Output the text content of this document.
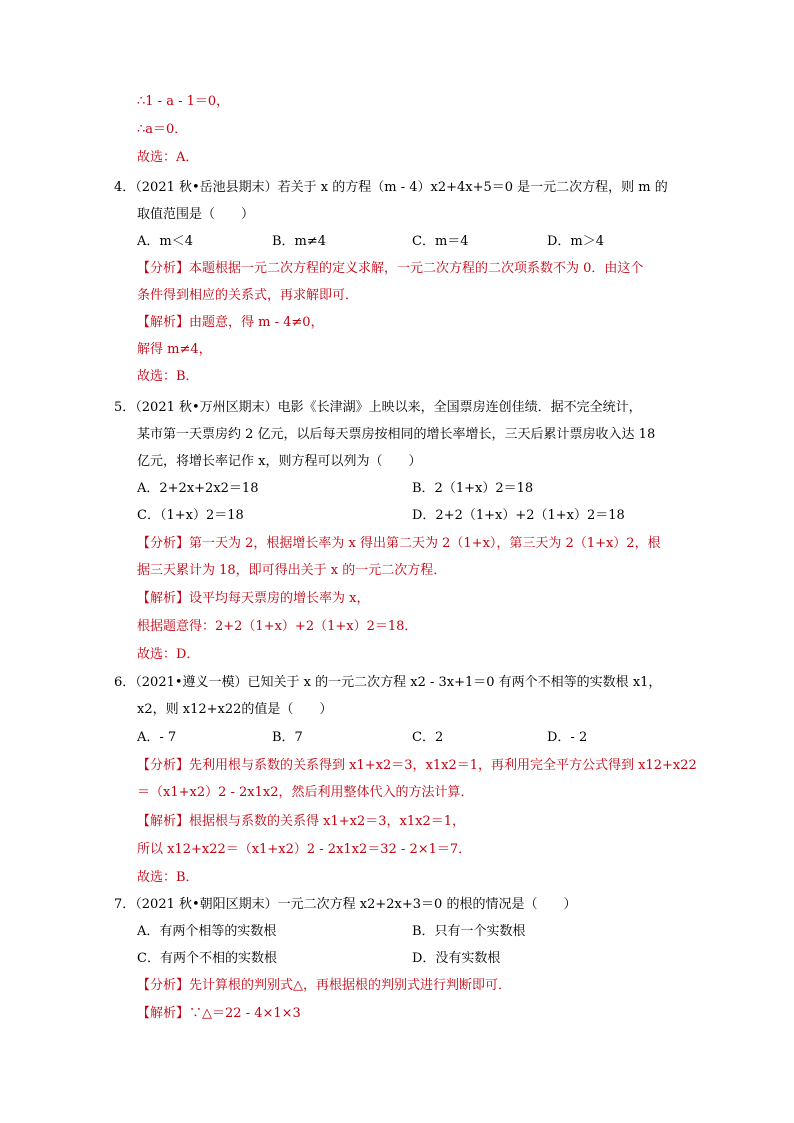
∴1 - a - 1＝0，
∴a＝0．
故选：A．
4．（2021 秋•岳池县期末）若关于 x 的方程（m - 4）x2+4x+5＝0 是一元二次方程，则 m 的
取值范围是（　　）
A．m＜4	B．m≠4	C．m＝4	D．m＞4
【分析】本题根据一元二次方程的定义求解，一元二次方程的二次项系数不为 0．由这个
条件得到相应的关系式，再求解即可．
【解析】由题意，得 m - 4≠0，
解得 m≠4，
故选：B．
5．（2021 秋•万州区期末）电影《长津湖》上映以来，全国票房连创佳绩．据不完全统计，
某市第一天票房约 2 亿元，以后每天票房按相同的增长率增长，三天后累计票房收入达 18
亿元，将增长率记作 x，则方程可以列为（　　）
A．2+2x+2x2＝18	B．2（1+x）2＝18
C．（1+x）2＝18	D．2+2（1+x）+2（1+x）2＝18
【分析】第一天为 2，根据增长率为 x 得出第二天为 2（1+x），第三天为 2（1+x）2，根
据三天累计为 18，即可得出关于 x 的一元二次方程．
【解析】设平均每天票房的增长率为 x，
根据题意得：2+2（1+x）+2（1+x）2＝18．
故选：D．
6．（2021•遵义一模）已知关于 x 的一元二次方程 x2 - 3x+1＝0 有两个不相等的实数根 x1，
x2，则 x12+x22的值是（　　）
A．- 7	B．7	C．2	D．- 2
【分析】先利用根与系数的关系得到 x1+x2＝3，x1x2＝1，再利用完全平方公式得到 x12+x22
＝（x1+x2）2 - 2x1x2，然后利用整体代入的方法计算．
【解析】根据根与系数的关系得 x1+x2＝3，x1x2＝1，
所以 x12+x22＝（x1+x2）2 - 2x1x2＝32 - 2×1＝7．
故选：B．
7．（2021 秋•朝阳区期末）一元二次方程 x2+2x+3＝0 的根的情况是（　　）
A．有两个相等的实数根	B．只有一个实数根
C．有两个不相的实数根	D．没有实数根
【分析】先计算根的判别式△，再根据根的判别式进行判断即可．
【解析】∵△＝22 - 4×1×3
